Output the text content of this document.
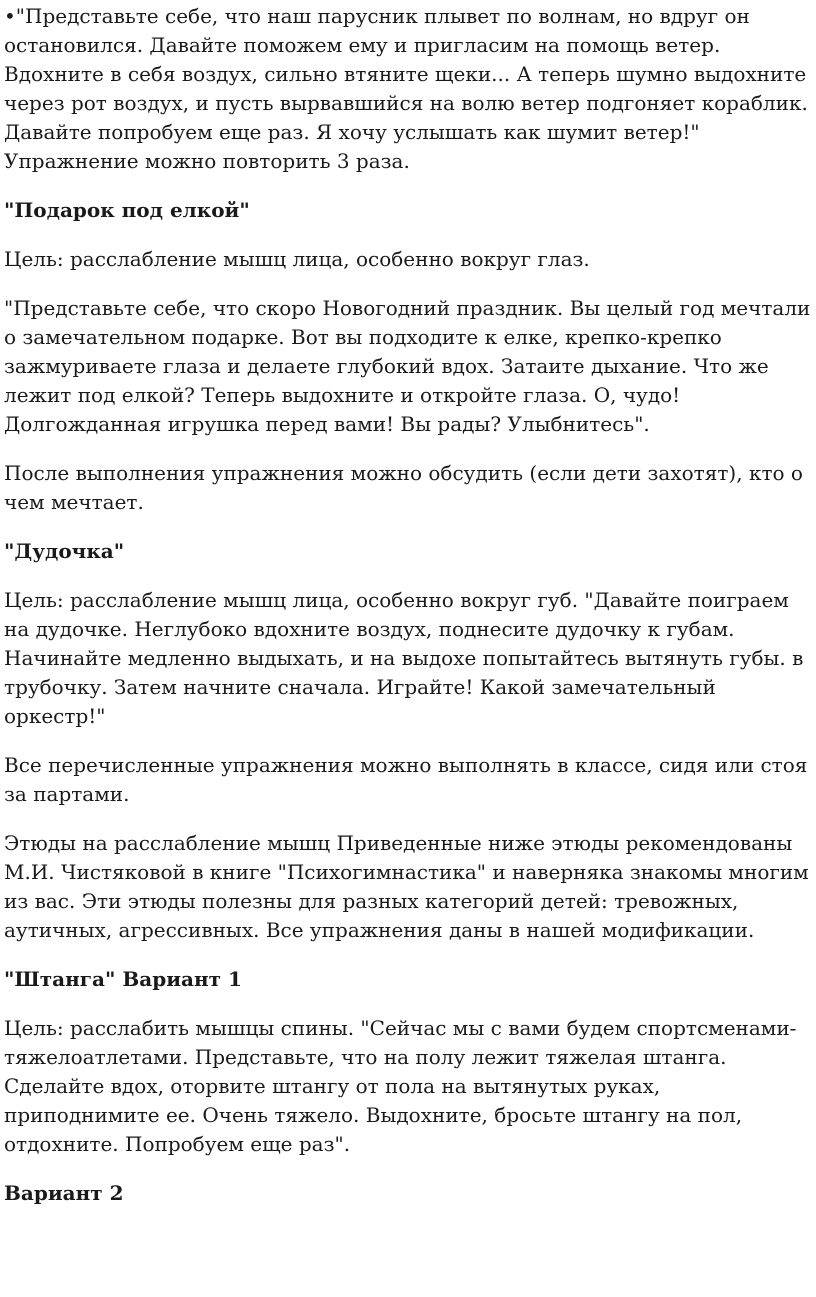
•"Представьте себе, что наш парусник плывет по волнам, но вдруг он остановился. Давайте поможем ему и пригласим на помощь ветер. Вдохните в себя воздух, сильно втяните щеки... А теперь шумно выдохните через рот воздух, и пусть вырвавшийся на волю ветер подгоняет кораблик. Давайте попробуем еще раз. Я хочу услышать как шумит ветер!" Упражнение можно повторить 3 раза.

"Подарок под елкой"

Цель: расслабление мышц лица, особенно вокруг глаз.

"Представьте себе, что скоро Новогодний праздник. Вы целый год мечтали о замечательном подарке. Вот вы подходите к елке, крепко-крепко зажмуриваете глаза и делаете глубокий вдох. Затаите дыхание. Что же лежит под елкой? Теперь выдохните и откройте глаза. О, чудо! Долгожданная игрушка перед вами! Вы рады? Улыбнитесь".

После выполнения упражнения можно обсудить (если дети захотят), кто о чем мечтает.

"Дудочка"

Цель: расслабление мышц лица, особенно вокруг губ. "Давайте поиграем на дудочке. Неглубоко вдохните воздух, поднесите дудочку к губам. Начинайте медленно выдыхать, и на выдохе попытайтесь вытянуть губы. в трубочку. Затем начните сначала. Играйте! Какой замечательный оркестр!"

Все перечисленные упражнения можно выполнять в классе, сидя или стоя за партами.

Этюды на расслабление мышц Приведенные ниже этюды рекомендованы М.И. Чистяковой в книге "Психогимнастика" и наверняка знакомы многим из вас. Эти этюды полезны для разных категорий детей: тревожных, аутичных, агрессивных. Все упражнения даны в нашей модификации.

"Штанга" Вариант 1

Цель: расслабить мышцы спины. "Сейчас мы с вами будем спортсменами-тяжелоатлетами. Представьте, что на полу лежит тяжелая штанга. Сделайте вдох, оторвите штангу от пола на вытянутых руках, приподнимите ее. Очень тяжело. Выдохните, бросьте штангу на пол, отдохните. Попробуем еще раз".

Вариант 2
